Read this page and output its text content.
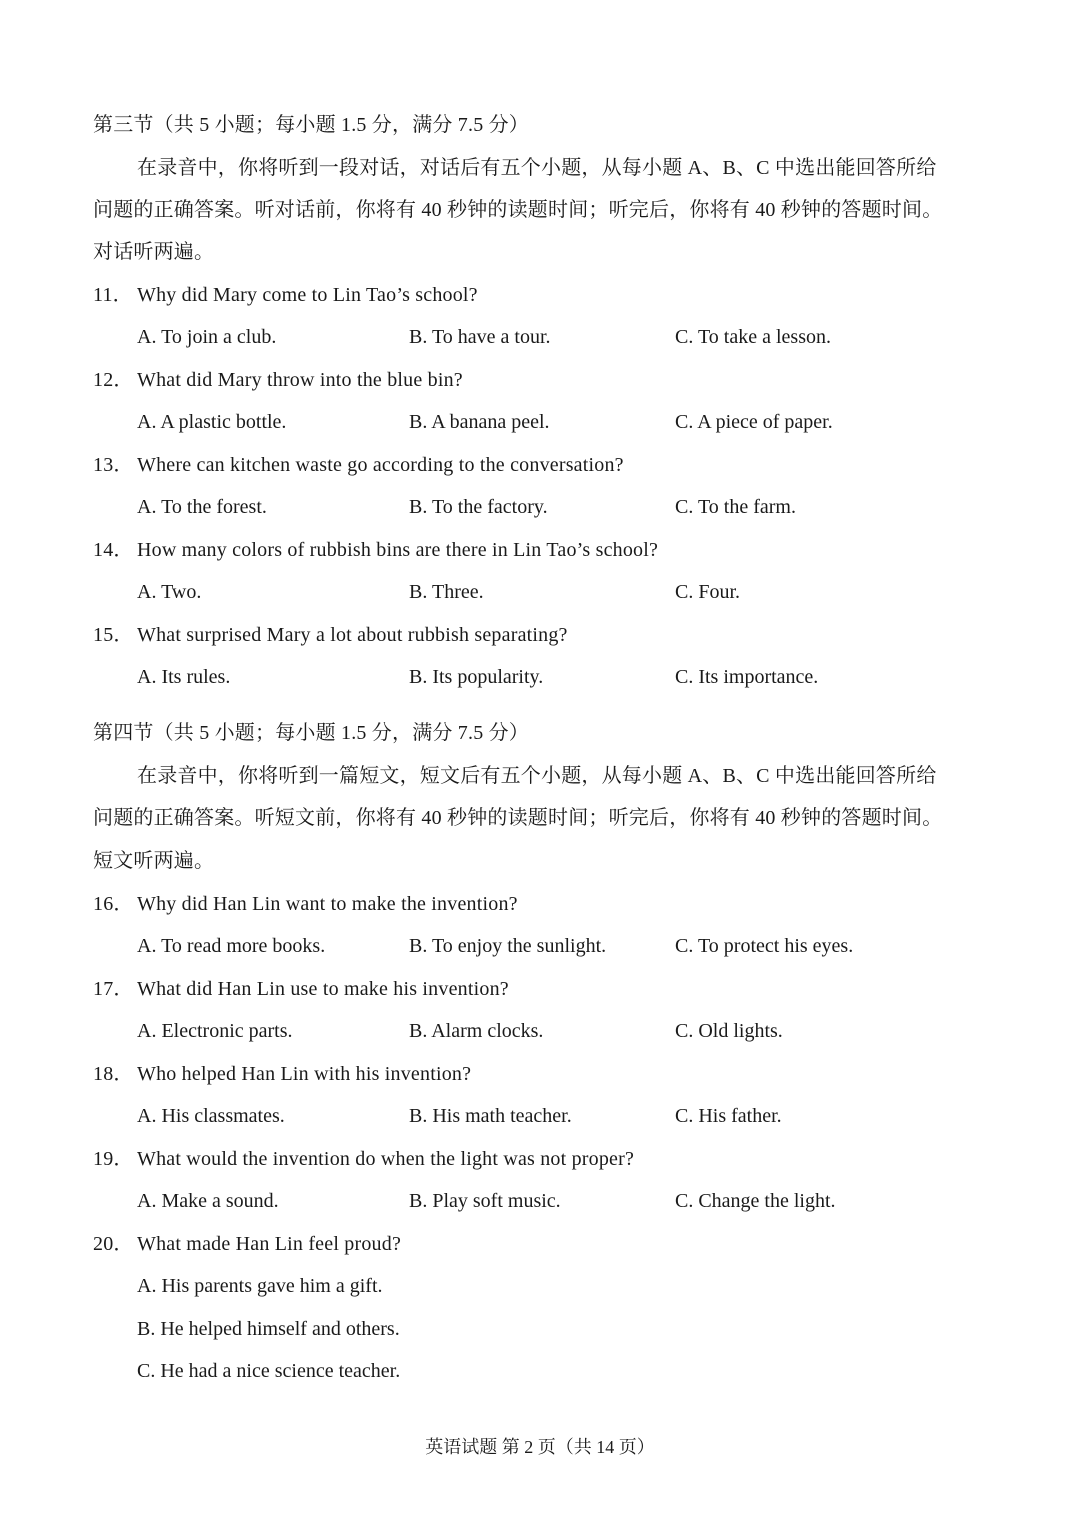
第三节（共 5 小题；每小题 1.5 分，满分 7.5 分）
在录音中，你将听到一段对话，对话后有五个小题，从每小题 A、B、C 中选出能回答所给
问题的正确答案。听对话前，你将有 40 秒钟的读题时间；听完后，你将有 40 秒钟的答题时间。
对话听两遍。
11． Why did Mary come to Lin Tao’s school?
A. To join a club.	B. To have a tour.	C. To take a lesson.
12． What did Mary throw into the blue bin?
A. A plastic bottle.	B. A banana peel.	C. A piece of paper.
13． Where can kitchen waste go according to the conversation?
A. To the forest.	B. To the factory.	C. To the farm.
14． How many colors of rubbish bins are there in Lin Tao’s school?
A. Two.	B. Three.	C. Four.
15． What surprised Mary a lot about rubbish separating?
A. Its rules.	B. Its popularity.	C. Its importance.
第四节（共 5 小题；每小题 1.5 分，满分 7.5 分）
在录音中，你将听到一篇短文，短文后有五个小题，从每小题 A、B、C 中选出能回答所给
问题的正确答案。听短文前，你将有 40 秒钟的读题时间；听完后，你将有 40 秒钟的答题时间。
短文听两遍。
16． Why did Han Lin want to make the invention?
A. To read more books.	B. To enjoy the sunlight.	C. To protect his eyes.
17． What did Han Lin use to make his invention?
A. Electronic parts.	B. Alarm clocks.	C. Old lights.
18． Who helped Han Lin with his invention?
A. His classmates.	B. His math teacher.	C. His father.
19． What would the invention do when the light was not proper?
A. Make a sound.	B. Play soft music.	C. Change the light.
20． What made Han Lin feel proud?
A. His parents gave him a gift.
B. He helped himself and others.
C. He had a nice science teacher.
英语试题 第 2 页（共 14 页）
